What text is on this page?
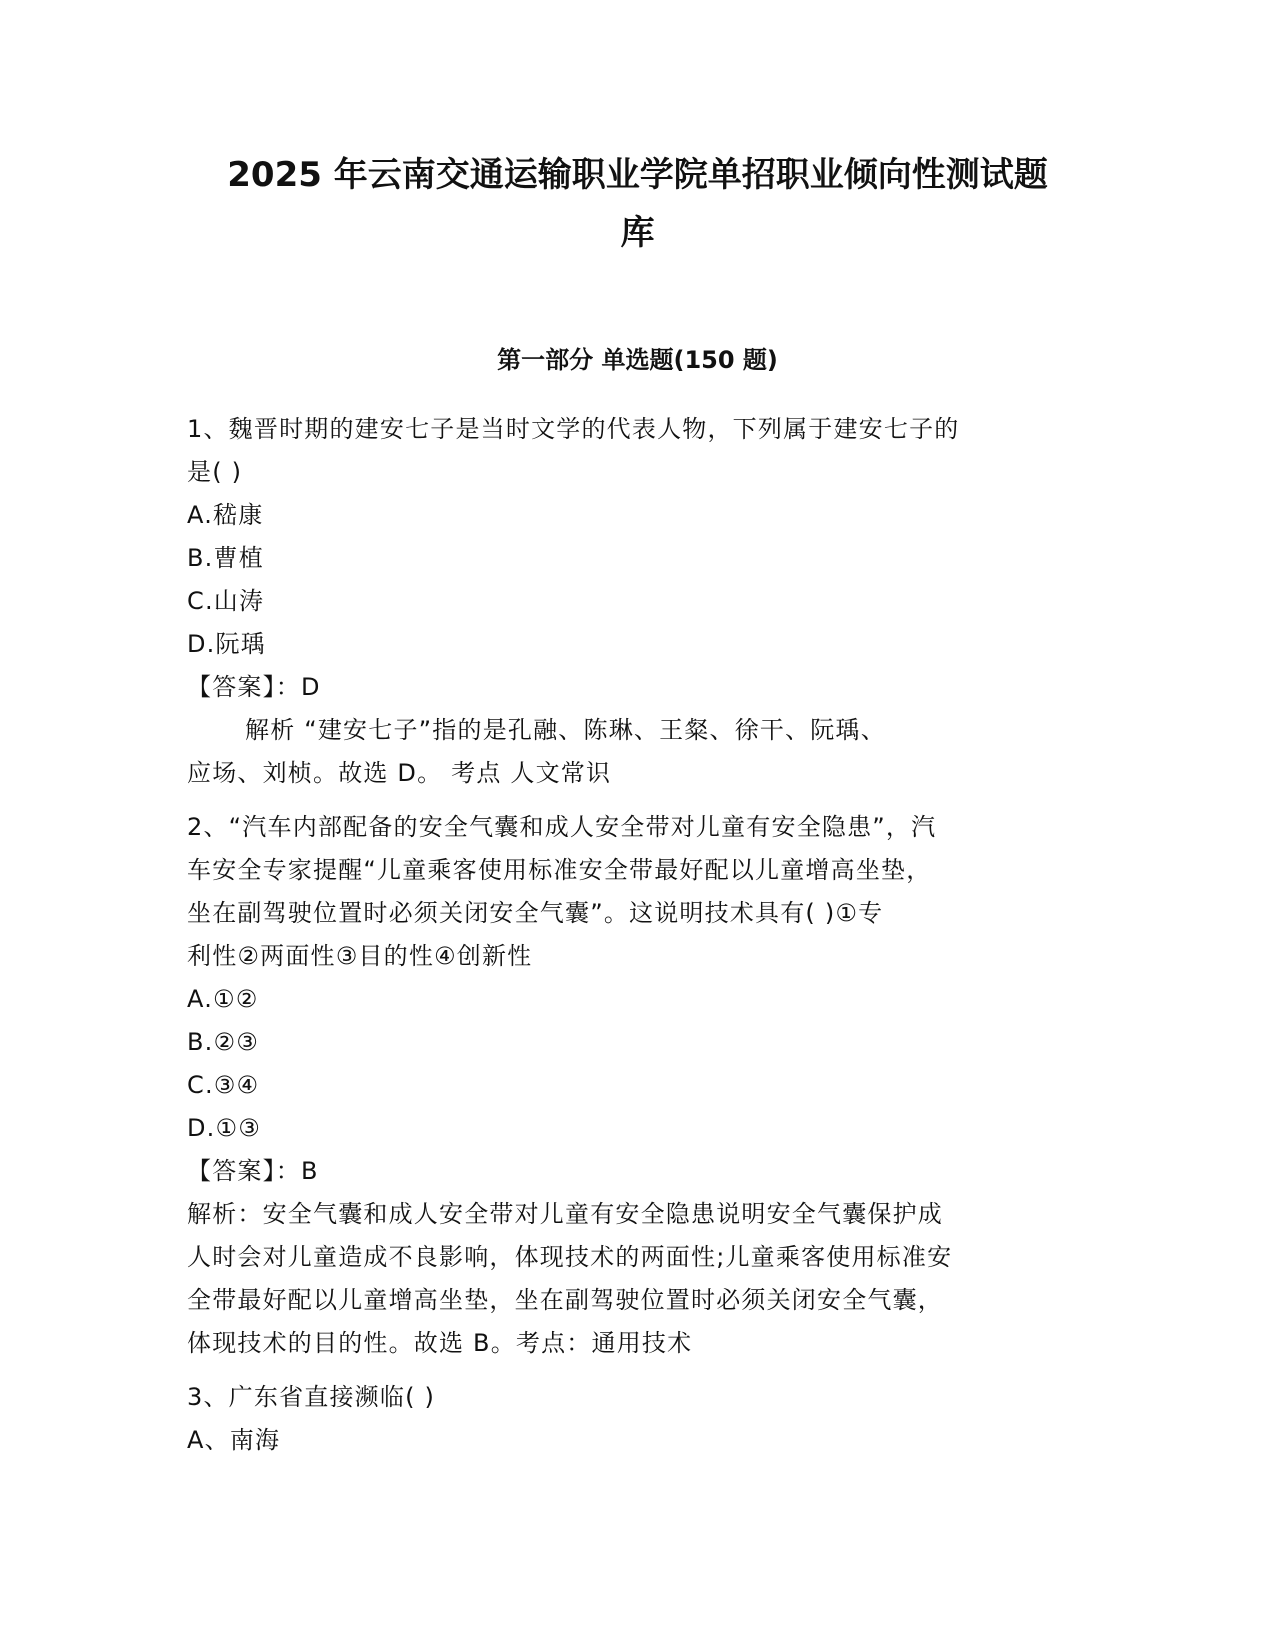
2025 年云南交通运输职业学院单招职业倾向性测试题
库
第一部分 单选题(150 题)

1、魏晋时期的建安七子是当时文学的代表人物，下列属于建安七子的

是( )

A.嵇康

B.曹植

C.山涛

D.阮瑀

【答案】：D

解析 “建安七子”指的是孔融、陈琳、王粲、徐干、阮瑀、

应场、刘桢。故选 D。 考点 人文常识

2、“汽车内部配备的安全气囊和成人安全带对儿童有安全隐患”，汽

车安全专家提醒“儿童乘客使用标准安全带最好配以儿童增高坐垫，

坐在副驾驶位置时必须关闭安全气囊”。这说明技术具有( )①专

利性②两面性③目的性④创新性

A.①②

B.②③

C.③④

D.①③

【答案】：B

解析：安全气囊和成人安全带对儿童有安全隐患说明安全气囊保护成

人时会对儿童造成不良影响，体现技术的两面性;儿童乘客使用标准安

全带最好配以儿童增高坐垫，坐在副驾驶位置时必须关闭安全气囊，

体现技术的目的性。故选 B。考点：通用技术

3、广东省直接濒临( )

A、南海
